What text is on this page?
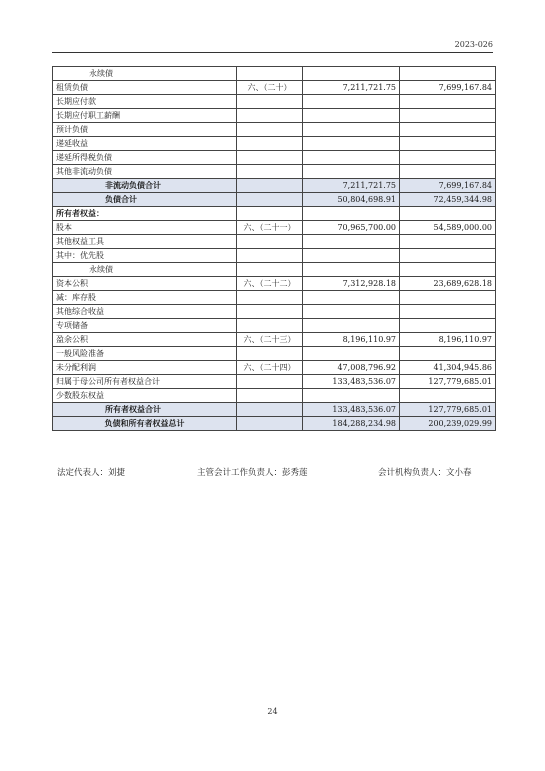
2023-026
永续债			
租赁负债	六、（二十）	7,211,721.75	7,699,167.84
长期应付款			
长期应付职工薪酬			
预计负债			
递延收益			
递延所得税负债			
其他非流动负债			
非流动负债合计		7,211,721.75	7,699,167.84
负债合计		50,804,698.91	72,459,344.98
所有者权益：			
股本	六、（二十一）	70,965,700.00	54,589,000.00
其他权益工具			
其中：优先股			
永续债			
资本公积	六、（二十二）	7,312,928.18	23,689,628.18
减：库存股			
其他综合收益			
专项储备			
盈余公积	六、（二十三）	8,196,110.97	8,196,110.97
一般风险准备			
未分配利润	六、（二十四）	47,008,796.92	41,304,945.86
归属于母公司所有者权益合计		133,483,536.07	127,779,685.01
少数股东权益			
所有者权益合计		133,483,536.07	127,779,685.01
负债和所有者权益总计		184,288,234.98	200,239,029.99
法定代表人：刘捷	主管会计工作负责人：彭秀莲	会计机构负责人：文小春
24
